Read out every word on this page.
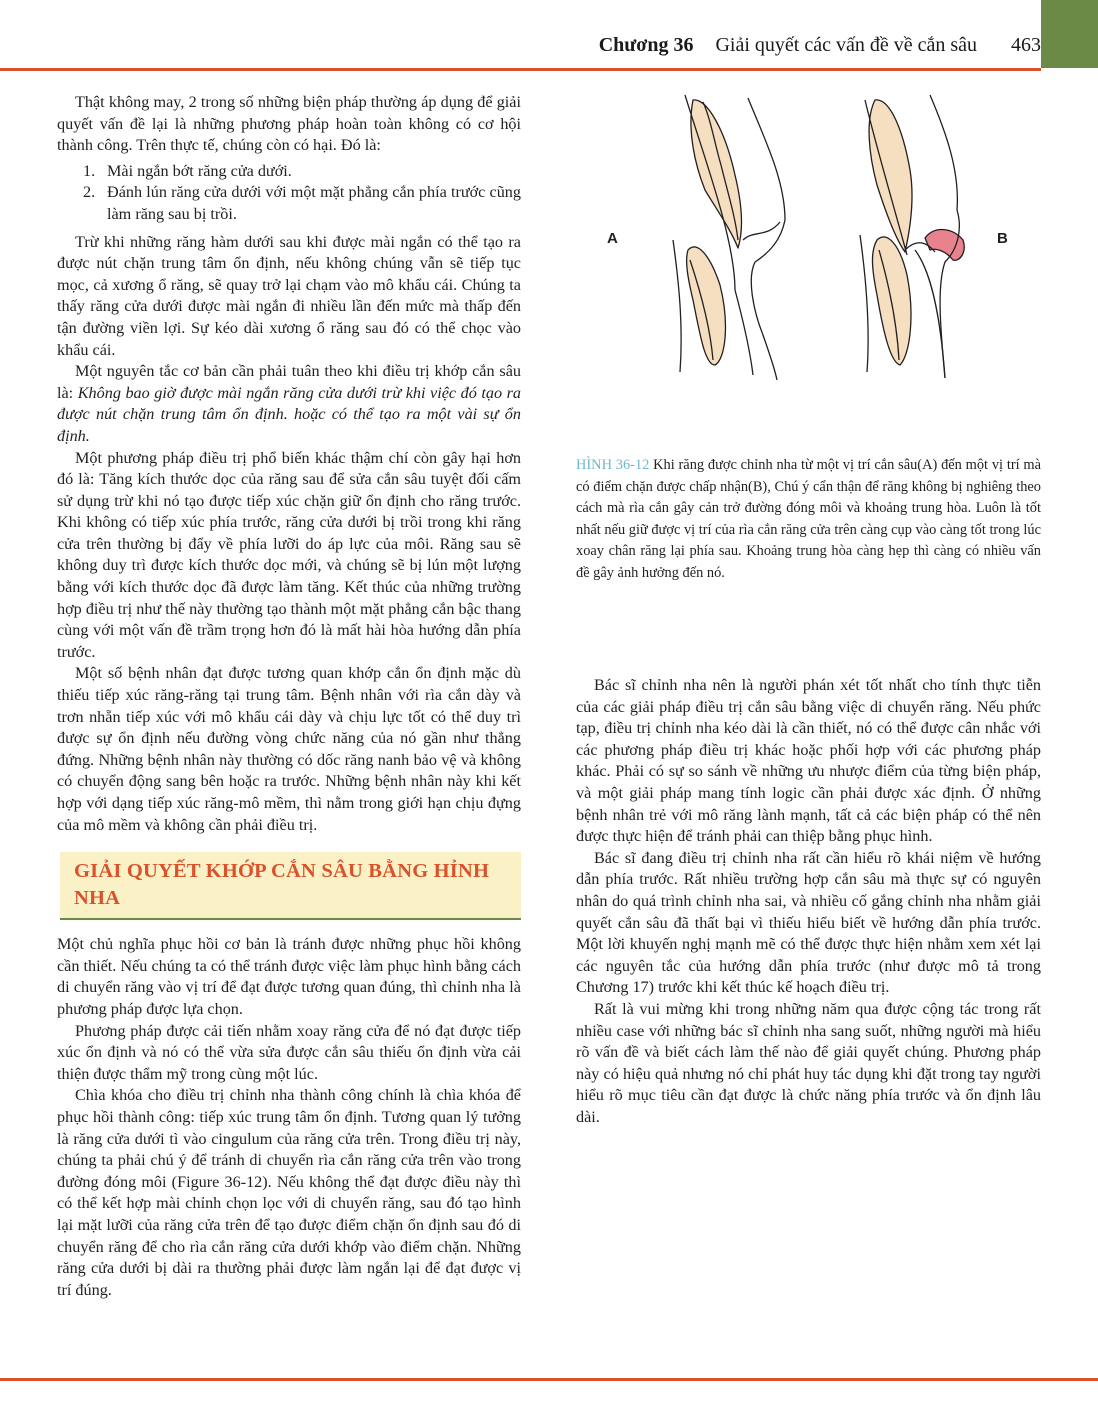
Chương 36 Giải quyết các vấn đề về cắn sâu 463

Thật không may, 2 trong số những biện pháp thường áp dụng để giải quyết vấn đề lại là những phương pháp hoàn toàn không có cơ hội thành công. Trên thực tế, chúng còn có hại. Đó là:

1. 1. Mài ngắn bớt răng cửa dưới.
2. 2. Đánh lún răng cửa dưới với một mặt phẳng cắn phía trước cũng làm răng sau bị trồi.

Trừ khi những răng hàm dưới sau khi được mài ngắn có thể tạo ra được nút chặn trung tâm ổn định, nếu không chúng vẫn sẽ tiếp tục mọc, cả xương ổ răng, sẽ quay trở lại chạm vào mô khẩu cái. Chúng ta thấy răng cửa dưới được mài ngắn đi nhiều lần đến mức mà thấp đến tận đường viền lợi. Sự kéo dài xương ổ răng sau đó có thể chọc vào khẩu cái.

Một nguyên tắc cơ bản cần phải tuân theo khi điều trị khớp cắn sâu là: Không bao giờ được mài ngắn răng cửa dưới trừ khi việc đó tạo ra được nút chặn trung tâm ổn định. hoặc có thể tạo ra một vài sự ổn định.

Một phương pháp điều trị phổ biến khác thậm chí còn gây hại hơn đó là: Tăng kích thước dọc của răng sau để sửa cắn sâu tuyệt đối cấm sử dụng trừ khi nó tạo được tiếp xúc chặn giữ ổn định cho răng trước. Khi không có tiếp xúc phía trước, răng cửa dưới bị trồi trong khi răng cửa trên thường bị đẩy về phía lưỡi do áp lực của môi. Răng sau sẽ không duy trì được kích thước dọc mới, và chúng sẽ bị lún một lượng bằng với kích thước dọc đã được làm tăng. Kết thúc của những trường hợp điều trị như thế này thường tạo thành một mặt phẳng cắn bậc thang cùng với một vấn đề trầm trọng hơn đó là mất hài hòa hướng dẫn phía trước.

Một số bệnh nhân đạt được tương quan khớp cắn ổn định mặc dù thiếu tiếp xúc răng-răng tại trung tâm. Bệnh nhân với rìa cắn dày và trơn nhẵn tiếp xúc với mô khẩu cái dày và chịu lực tốt có thể duy trì được sự ổn định nếu đường vòng chức năng của nó gần như thẳng đứng. Những bệnh nhân này thường có dốc răng nanh bảo vệ và không có chuyển động sang bên hoặc ra trước. Những bệnh nhân này khi kết hợp với dạng tiếp xúc răng-mô mềm, thì nằm trong giới hạn chịu đựng của mô mềm và không cần phải điều trị.

GIẢI QUYẾT KHỚP CẮN SÂU BẰNG HỈNH NHA

Một chủ nghĩa phục hồi cơ bản là tránh được những phục hồi không cần thiết. Nếu chúng ta có thể tránh được việc làm phục hình bằng cách di chuyển răng vào vị trí để đạt được tương quan đúng, thì chỉnh nha là phương pháp được lựa chọn.

Phương pháp được cải tiến nhằm xoay răng cửa để nó đạt được tiếp xúc ổn định và nó có thể vừa sửa được cắn sâu thiếu ổn định vừa cải thiện được thẩm mỹ trong cùng một lúc.

Chìa khóa cho điều trị chỉnh nha thành công chính là chìa khóa để phục hồi thành công: tiếp xúc trung tâm ổn định. Tương quan lý tưởng là răng cửa dưới tì vào cingulum của răng cửa trên. Trong điều trị này, chúng ta phải chú ý để tránh di chuyển rìa cắn răng cửa trên vào trong đường đóng môi (Figure 36-12). Nếu không thể đạt được điều này thì có thể kết hợp mài chỉnh chọn lọc với di chuyển răng, sau đó tạo hình lại mặt lưỡi của răng cửa trên để tạo được điểm chặn ổn định sau đó di chuyển răng để cho rìa cắn răng cửa dưới khớp vào điểm chặn. Những răng cửa dưới bị dài ra thường phải được làm ngắn lại để đạt được vị trí đúng.

A	B
HÌNH 36-12 Khi răng được chỉnh nha từ một vị trí cắn sâu(A) đến một vị trí mà có điểm chặn được chấp nhận(B), Chú ý cẩn thận để răng không bị nghiêng theo cách mà rìa cắn gây cản trở đường đóng môi và khoảng trung hòa. Luôn là tốt nhất nếu giữ được vị trí của rìa cắn răng cửa trên càng cụp vào càng tốt trong lúc xoay chân răng lại phía sau. Khoảng trung hòa càng hẹp thì càng có nhiều vấn đề gây ảnh hưởng đến nó.

Bác sĩ chỉnh nha nên là người phán xét tốt nhất cho tính thực tiễn của các giải pháp điều trị cắn sâu bằng việc di chuyển răng. Nếu phức tạp, điều trị chỉnh nha kéo dài là cần thiết, nó có thể được cân nhắc với các phương pháp điều trị khác hoặc phối hợp với các phương pháp khác. Phải có sự so sánh về những ưu nhược điểm của từng biện pháp, và một giải pháp mang tính logic cần phải được xác định. Ở những bệnh nhân trẻ với mô răng lành mạnh, tất cả các biện pháp có thể nên được thực hiện để tránh phải can thiệp bằng phục hình.

Bác sĩ đang điều trị chỉnh nha rất cần hiểu rõ khái niệm về hướng dẫn phía trước. Rất nhiều trường hợp cắn sâu mà thực sự có nguyên nhân do quá trình chỉnh nha sai, và nhiều cố gắng chỉnh nha nhằm giải quyết cắn sâu đã thất bại vì thiếu hiểu biết về hướng dẫn phía trước. Một lời khuyến nghị mạnh mẽ có thể được thực hiện nhằm xem xét lại các nguyên tắc của hướng dẫn phía trước (như được mô tả trong Chương 17) trước khi kết thúc kế hoạch điều trị.

Rất là vui mừng khi trong những năm qua được cộng tác trong rất nhiều case với những bác sĩ chỉnh nha sang suốt, những người mà hiểu rõ vấn đề và biết cách làm thế nào để giải quyết chúng. Phương pháp này có hiệu quả nhưng nó chỉ phát huy tác dụng khi đặt trong tay người hiểu rõ mục tiêu cần đạt được là chức năng phía trước và ổn định lâu dài.
